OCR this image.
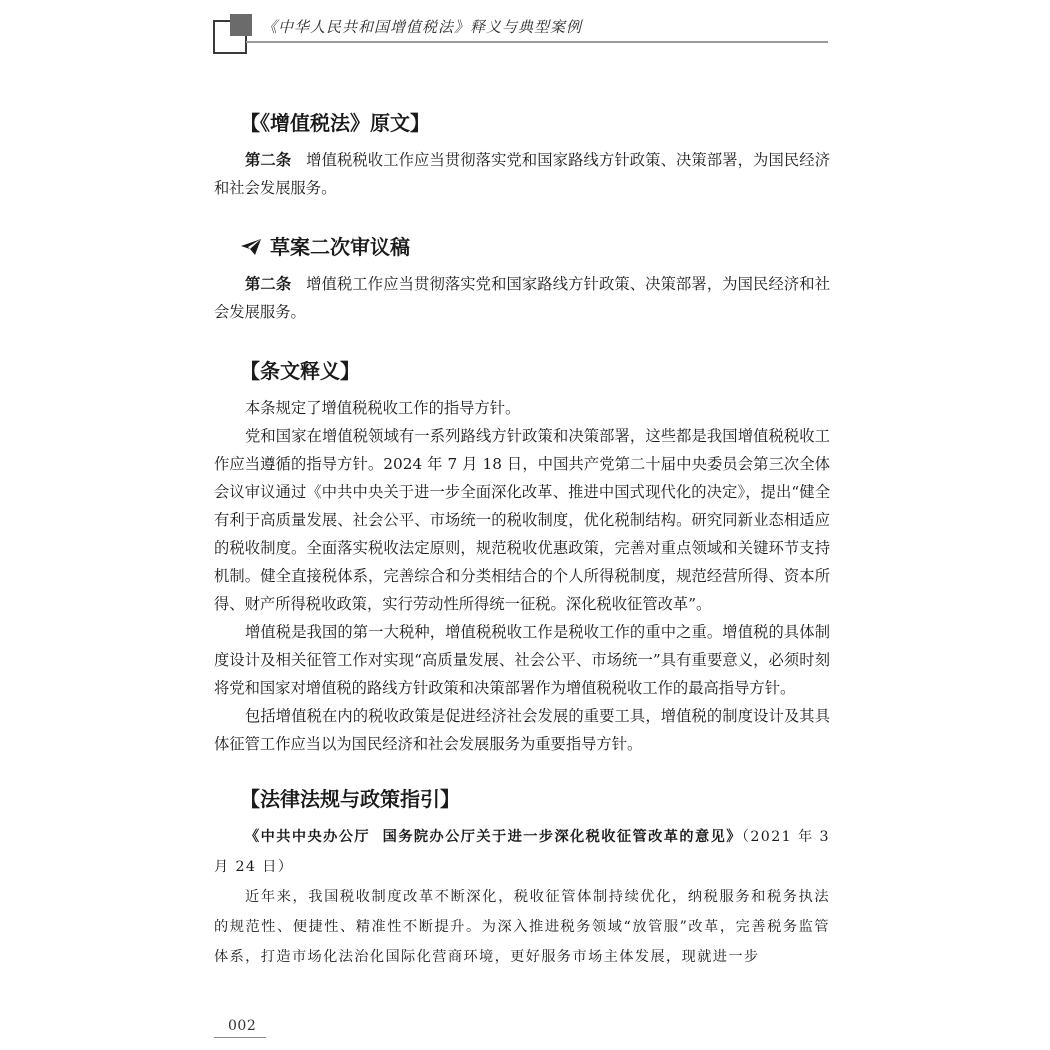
《中华人民共和国增值税法》释义与典型案例
【《增值税法》原文】

第二条   增值税税收工作应当贯彻落实党和国家路线方针政策、决策部署，为国民经济和社会发展服务。

草案二次审议稿

第二条   增值税工作应当贯彻落实党和国家路线方针政策、决策部署，为国民经济和社会发展服务。

【条文释义】

本条规定了增值税税收工作的指导方针。

党和国家在增值税领域有一系列路线方针政策和决策部署，这些都是我国增值税税收工作应当遵循的指导方针。2024 年 7 月 18 日，中国共产党第二十届中央委员会第三次全体会议审议通过《中共中央关于进一步全面深化改革、推进中国式现代化的决定》，提出“健全有利于高质量发展、社会公平、市场统一的税收制度，优化税制结构。研究同新业态相适应的税收制度。全面落实税收法定原则，规范税收优惠政策，完善对重点领域和关键环节支持机制。健全直接税体系，完善综合和分类相结合的个人所得税制度，规范经营所得、资本所得、财产所得税收政策，实行劳动性所得统一征税。深化税收征管改革”。

增值税是我国的第一大税种，增值税税收工作是税收工作的重中之重。增值税的具体制度设计及相关征管工作对实现“高质量发展、社会公平、市场统一”具有重要意义，必须时刻将党和国家对增值税的路线方针政策和决策部署作为增值税税收工作的最高指导方针。

包括增值税在内的税收政策是促进经济社会发展的重要工具，增值税的制度设计及其具体征管工作应当以为国民经济和社会发展服务为重要指导方针。

【法律法规与政策指引】

《中共中央办公厅  国务院办公厅关于进一步深化税收征管改革的意见》（2021 年 3 月 24 日）

近年来，我国税收制度改革不断深化，税收征管体制持续优化，纳税服务和税务执法的规范性、便捷性、精准性不断提升。为深入推进税务领域“放管服”改革，完善税务监管体系，打造市场化法治化国际化营商环境，更好服务市场主体发展，现就进一步

002
